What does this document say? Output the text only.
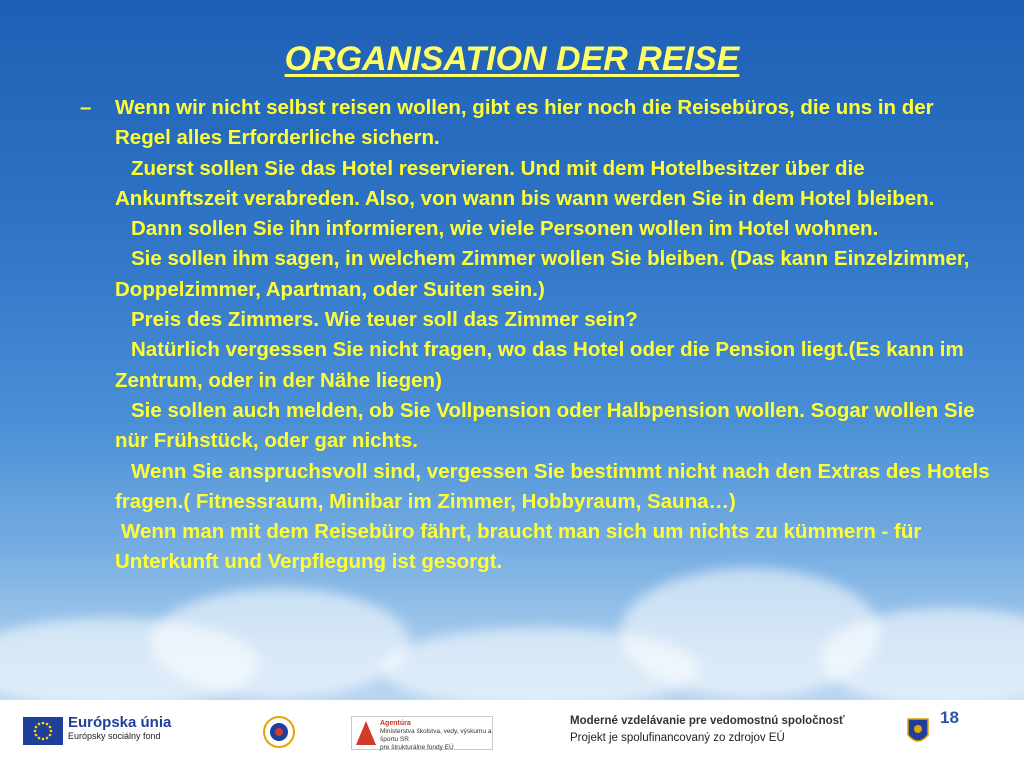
ORGANISATION DER REISE
– Wenn wir nicht selbst reisen wollen, gibt es hier noch die Reisebüros, die uns in der Regel alles Erforderliche sichern.

Zuerst sollen Sie das Hotel reservieren. Und mit dem Hotelbesitzer über die Ankunftszeit verabreden. Also, von wann bis wann werden Sie in dem Hotel bleiben.

Dann sollen Sie ihn informieren, wie viele Personen wollen im Hotel wohnen.

Sie sollen ihm sagen, in welchem Zimmer wollen Sie bleiben. (Das kann Einzelzimmer, Doppelzimmer, Apartman, oder Suiten sein.)

Preis des Zimmers. Wie teuer soll das Zimmer sein?

Natürlich vergessen Sie nicht fragen, wo das Hotel oder die Pension liegt.(Es kann im Zentrum, oder in der Nähe liegen)

Sie sollen auch melden, ob Sie Vollpension oder Halbpension wollen. Sogar wollen Sie nür Frühstück, oder gar nichts.

Wenn Sie anspruchsvoll sind, vergessen Sie bestimmt nicht nach den Extras des Hotels fragen.( Fitnessraum, Minibar im Zimmer, Hobbyraum, Sauna…)

Wenn man mit dem Reisebüro fährt, braucht man sich um nichts zu kümmern - für Unterkunft und Verpflegung ist gesorgt.

Európska únia
Európsky sociálny fond
Agentúra
Ministerstva školstva, vedy, výskumu a športu SR
pre štrukturálne fondy EÚ
Moderné vzdelávanie pre vedomostnú spoločnosť
Projekt je spolufinancovaný zo zdrojov EÚ
18
